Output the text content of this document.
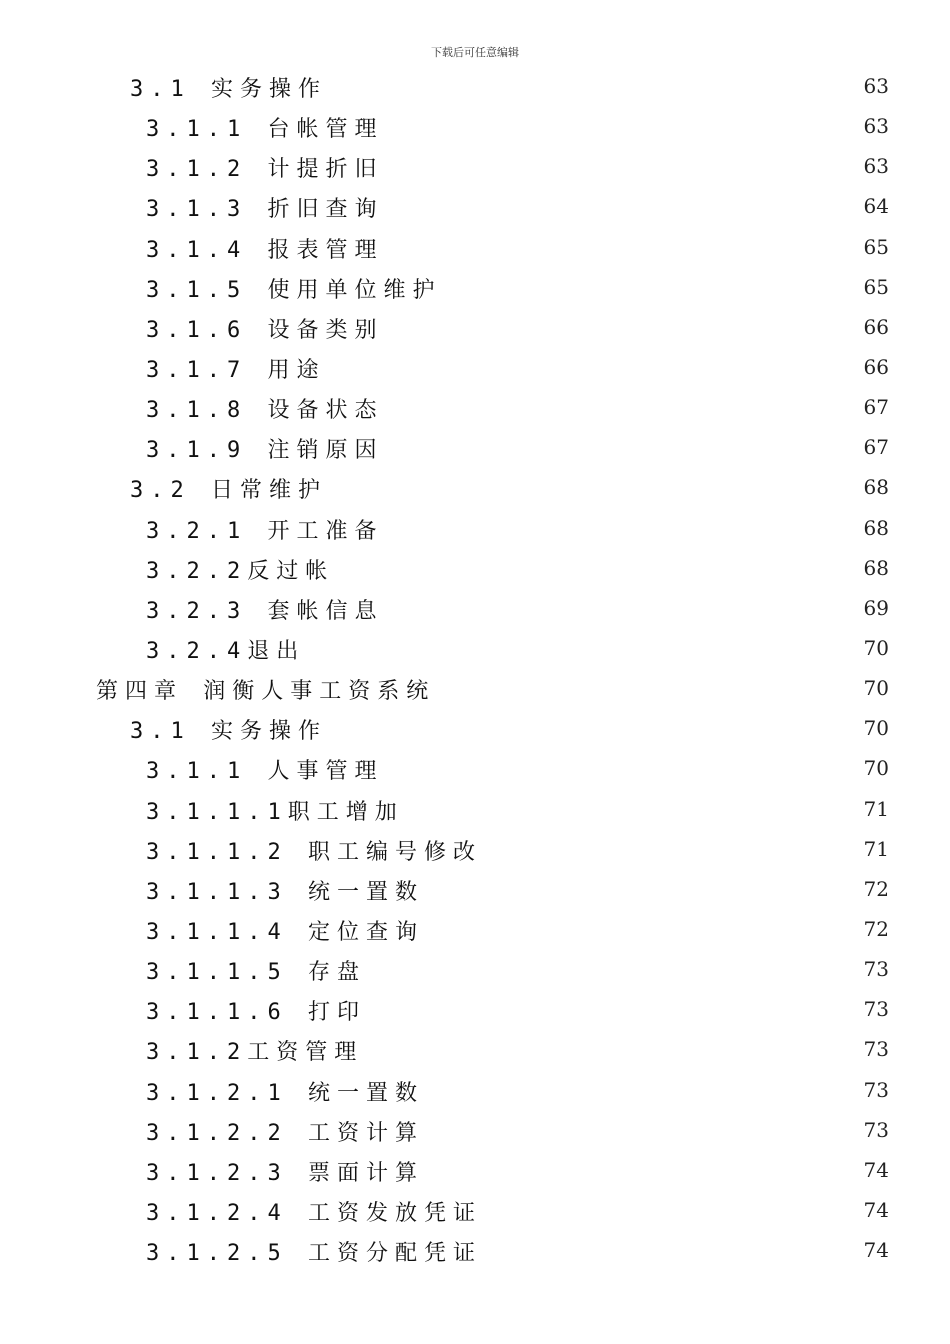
下载后可任意编辑
3.1 实务操作	63
3.1.1 台帐管理	63
3.1.2 计提折旧	63
3.1.3 折旧查询	64
3.1.4 报表管理	65
3.1.5 使用单位维护	65
3.1.6 设备类别	66
3.1.7 用途	66
3.1.8 设备状态	67
3.1.9 注销原因	67
3.2 日常维护	68
3.2.1 开工准备	68
3.2.2反过帐	68
3.2.3 套帐信息	69
3.2.4退出	70
第四章 润衡人事工资系统	70
3.1 实务操作	70
3.1.1 人事管理	70
3.1.1.1职工增加	71
3.1.1.2 职工编号修改	71
3.1.1.3 统一置数	72
3.1.1.4 定位查询	72
3.1.1.5 存盘	73
3.1.1.6 打印	73
3.1.2工资管理	73
3.1.2.1 统一置数	73
3.1.2.2 工资计算	73
3.1.2.3 票面计算	74
3.1.2.4 工资发放凭证	74
3.1.2.5 工资分配凭证	74
